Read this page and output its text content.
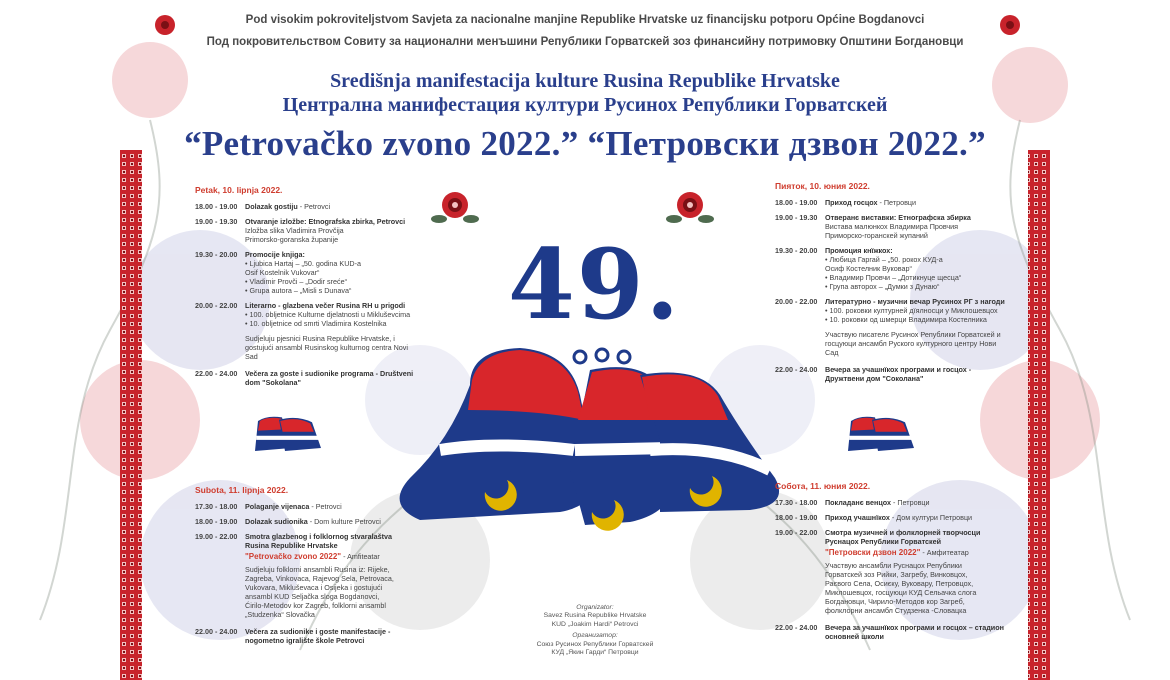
Pod visokim pokroviteljstvom Savjeta za nacionalne manjine Republike Hrvatske uz financijsku potporu Općine Bogdanovci
Под покровительством Совиту за национални менъшини Републики Горватскей зоз финансийну потримовку Општини Богдановци
Središnja manifestacija kulture Rusina Republike Hrvatske
Централна манифестация култури Русинох Републики Горватскей
“Petrovačko zvono 2022.” “Петровски дзвон 2022.”
49.
Petak, 10. lipnja 2022.
18.00 - 19.00	Dolazak gostiju - Petrovci
19.00 - 19.30	Otvaranje izložbe: Etnografska zbirka, Petrovci
Izložba slika Vladimira Provčija
Primorsko-goranska županije
19.30 - 20.00	Promocije knjiga:
• Ljubica Hartaj – „50. godina KUD-a
Osif Kostelnik Vukovar“
• Vladimir Provči – „Dodir sreće“
• Grupa autora – „Misli s Dunava“
20.00 - 22.00	Literarno - glazbena večer Rusina RH u prigodi
• 100. obljetnice Kulturne djelatnosti u Mikluševcima
• 10. obljetnice od smrti Vladimira Kostelnika
Sudjeluju pjesnici Rusina Republike Hrvatske, i gostujući ansambl Rusinskog kulturnog centra Novi Sad
22.00 - 24.00	Večera za goste i sudionike programa - Društveni dom "Sokolana"
Subota, 11. lipnja 2022.
17.30 - 18.00	Polaganje vijenaca - Petrovci
18.00 - 19.00	Dolazak sudionika - Dom kulture Petrovci
19.00 - 22.00	Smotra glazbenog i folklornog stvaralaštva Rusina Republike Hrvatske
"Petrovačko zvono 2022" - Amfiteatar
Sudjeluju folklorni ansambli Rusina iz: Rijeke, Zagreba, Vinkovaca, Rajevog Sela, Petrovaca, Vukovara, Mikluševaca i Osijeka i gostujući ansambl KUD Seljačka sloga Bogdanovci, Ćirilo-Metodov kor Zagreb, folklorni ansambl „Studzenka“ Slovačka
22.00 - 24.00	Večera za sudionike i goste manifestacije - nogometno igralište škole Petrovci
Пияток, 10. юния 2022.
18.00 - 19.00	Приход госцох - Петровци
19.00 - 19.30	Отверанє виставки: Етнографска збирка
Вистава малюнкох Владимира Провчия
Приморско-горанскей жупаний
19.30 - 20.00	Промоция кнїжкох:
• Любица Гаргай – „50. рокох КУД-а
Осиф Костелник Вуковар“
• Владимир Провчи – „Дотикнуце щесца“
• Група авторох – „Думки з Дунаю“
20.00 - 22.00	Литературно - музични вечар Русинох РГ з нагоди
• 100. роковки културней дїялносци у Миклошевцох
• 10. роковки од шмерци Владимира Костелника
Участвую писателє Русинох Републики Горватскей и госцуюци ансамбл Руского културного центру Нови Сад
22.00 - 24.00	Вечера за учашнїкох програми и госцох - Дружтвени дом "Соколана"
Собота, 11. юния 2022.
17.30 - 18.00	Покладанє венцох - Петровци
18.00 - 19.00	Приход учашнїкох - Дом култури Петровци
19.00 - 22.00	Смотра музичней и фолклорней творчосци Руснацох Републики Горватскей
"Петровски дзвон 2022" - Амфитеатар
Участвую ансамбли Руснацох Републики Горватскей зоз Рийки, Загребу, Винковцох, Раєвого Села, Осиєку, Вуковару, Петровцох, Миклошевцох, госцуюци КУД Сельачка слога Богдановци, Чирило-Методов кор Загреб, фолклорни ансамбл Студзенка -Словацка
22.00 - 24.00	Вечера за учашнїкох програми и госцох – стадион основней школи
Organizator:
Savez Rusina Republike Hrvatske
KUD „Joakim Hardi“ Petrovci
Организатор:
Союз Русинох Републики Горватскей
КУД „Якин Гарди“ Петровци
